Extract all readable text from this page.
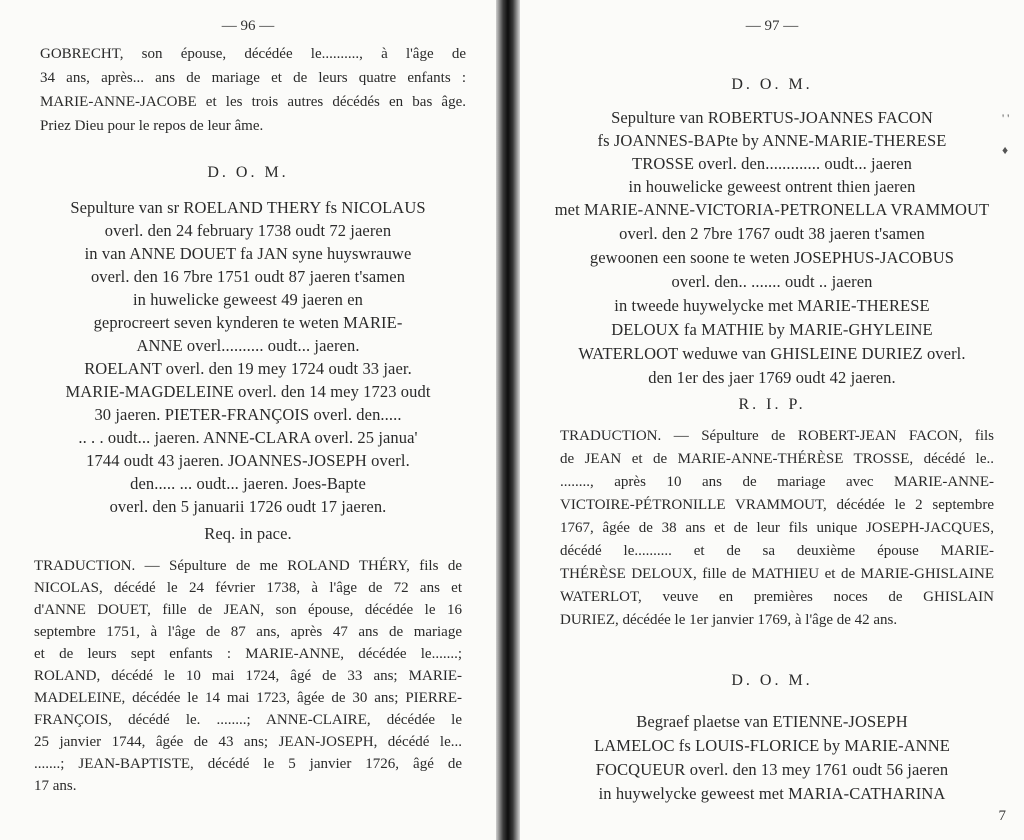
— 96 —
GOBRECHT, son épouse, décédée le.........., à l'âge de
34 ans, après... ans de mariage et de leurs quatre enfants :
MARIE-ANNE-JACOBE et les trois autres décédés en bas âge.
Priez Dieu pour le repos de leur âme.
D. O. M.
Sepulture van sr ROELAND THERY fs NICOLAUS
overl. den 24 february 1738 oudt 72 jaeren
in van ANNE DOUET fa JAN syne huyswrauwe
overl. den 16 7bre 1751 oudt 87 jaeren t'samen
in huwelicke geweest 49 jaeren en
geprocreert seven kynderen te weten MARIE-
ANNE overl.......... oudt... jaeren.
ROELANT overl. den 19 mey 1724 oudt 33 jaer.
MARIE-MAGDELEINE overl. den 14 mey 1723 oudt
30 jaeren. PIETER-FRANÇOIS overl. den.....
.. . . oudt... jaeren. ANNE-CLARA overl. 25 janua'
1744 oudt 43 jaeren. JOANNES-JOSEPH overl.
den..... ... oudt... jaeren. Joes-Bapte
overl. den 5 januarii 1726 oudt 17 jaeren.
Req. in pace.
TRADUCTION. — Sépulture de me ROLAND THÉRY, fils de
NICOLAS, décédé le 24 février 1738, à l'âge de 72 ans et
d'ANNE DOUET, fille de JEAN, son épouse, décédée le 16
septembre 1751, à l'âge de 87 ans, après 47 ans de mariage
et de leurs sept enfants : MARIE-ANNE, décédée le.......;
ROLAND, décédé le 10 mai 1724, âgé de 33 ans; MARIE-
MADELEINE, décédée le 14 mai 1723, âgée de 30 ans; PIERRE-
FRANÇOIS, décédé le. ........; ANNE-CLAIRE, décédée le
25 janvier 1744, âgée de 43 ans; JEAN-JOSEPH, décédé le...
.......; JEAN-BAPTISTE, décédé le 5 janvier 1726, âgé de
17 ans.
— 97 —
' '

♦
D. O. M.
Sepulture van ROBERTUS-JOANNES FACON
fs JOANNES-BAPte by ANNE-MARIE-THERESE
TROSSE overl. den............. oudt... jaeren
in houwelicke geweest ontrent thien jaeren
met MARIE-ANNE-VICTORIA-PETRONELLA VRAMMOUT
overl. den 2 7bre 1767 oudt 38 jaeren t'samen
gewoonen een soone te weten JOSEPHUS-JACOBUS
overl. den.. ....... oudt .. jaeren
in tweede huywelycke met MARIE-THERESE
DELOUX fa MATHIE by MARIE-GHYLEINE
WATERLOOT weduwe van GHISLEINE DURIEZ overl.
den 1er des jaer 1769 oudt 42 jaeren.
R. I. P.
TRADUCTION. — Sépulture de ROBERT-JEAN FACON, fils
de JEAN et de MARIE-ANNE-THÉRÈSE TROSSE, décédé le..
........, après 10 ans de mariage avec MARIE-ANNE-
VICTOIRE-PÉTRONILLE VRAMMOUT, décédée le 2 septembre
1767, âgée de 38 ans et de leur fils unique JOSEPH-JACQUES,
décédé le.......... et de sa deuxième épouse MARIE-
THÉRÈSE DELOUX, fille de MATHIEU et de MARIE-GHISLAINE
WATERLOT, veuve en premières noces de GHISLAIN
DURIEZ, décédée le 1er janvier 1769, à l'âge de 42 ans.
D. O. M.
Begraef plaetse van ETIENNE-JOSEPH
LAMELOC fs LOUIS-FLORICE by MARIE-ANNE
FOCQUEUR overl. den 13 mey 1761 oudt 56 jaeren
in huywelycke geweest met MARIA-CATHARINA
7
